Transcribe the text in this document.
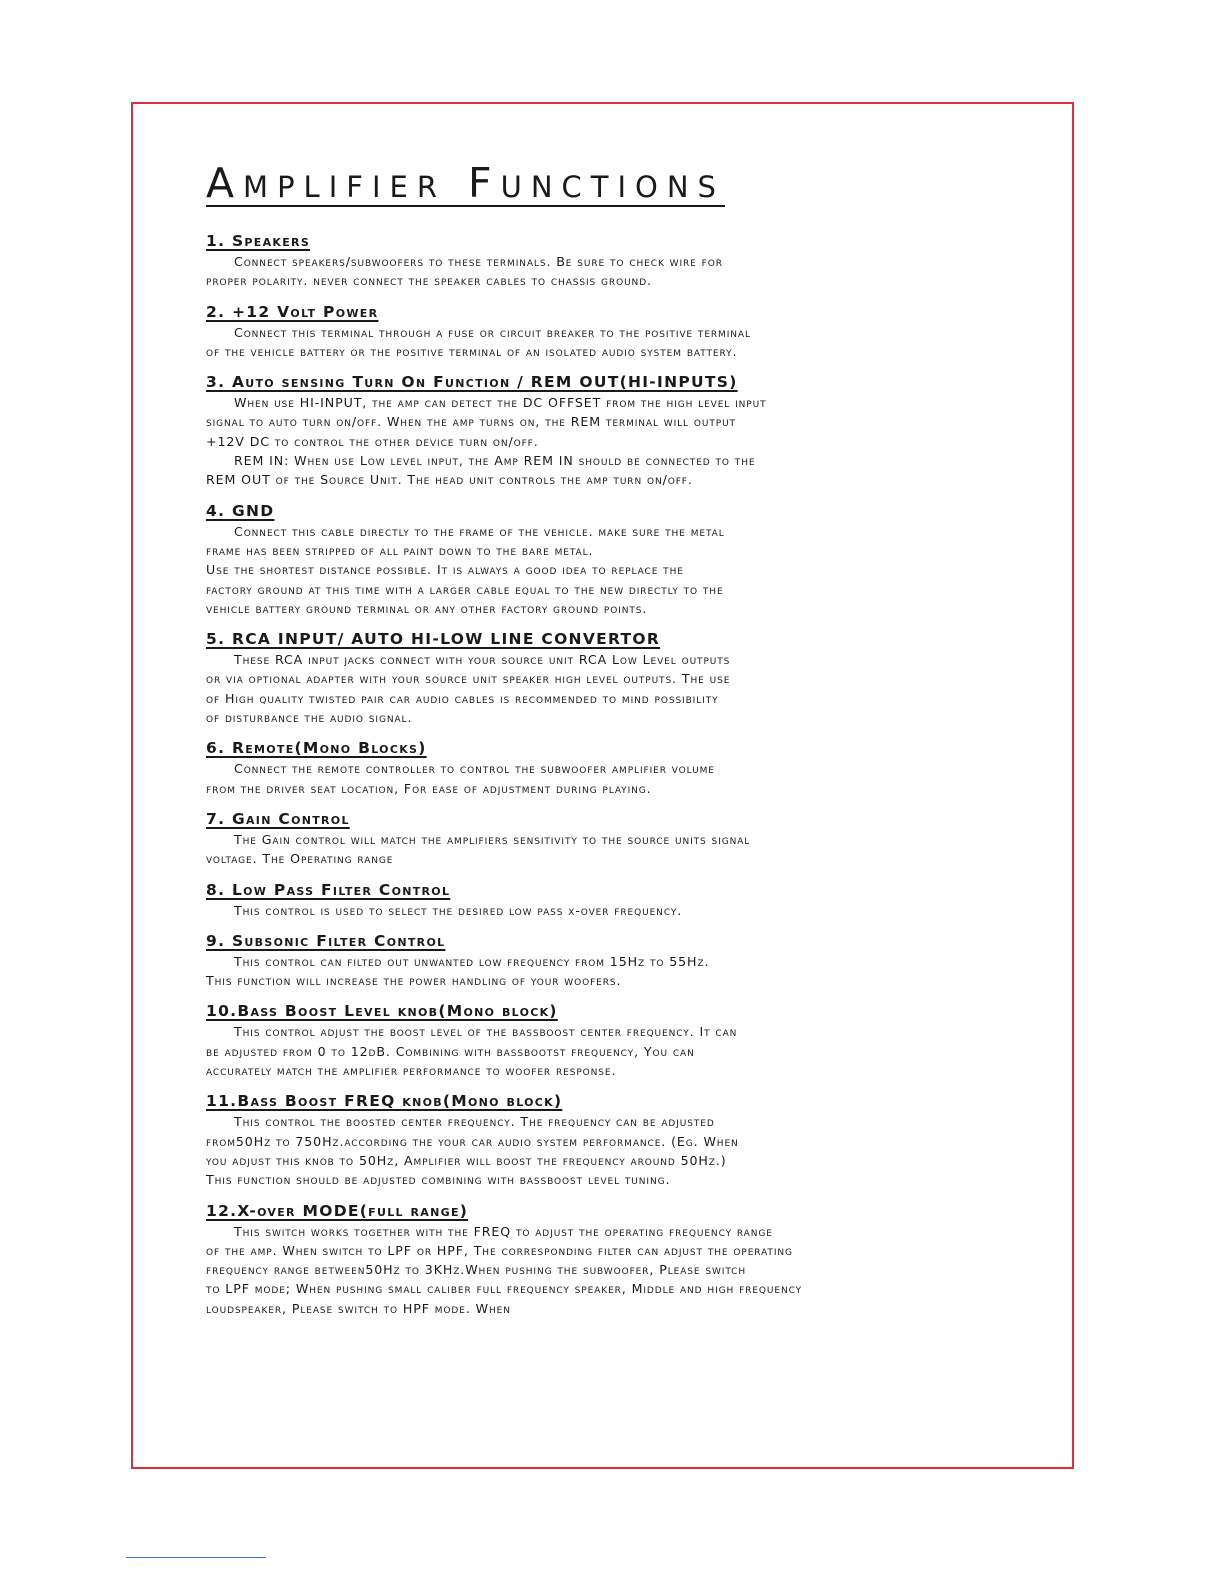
Amplifier Functions
1. Speakers
Connect speakers/subwoofers to these terminals. Be sure to check wire for
proper polarity. never connect the speaker cables to chassis ground.
2. +12 Volt Power
Connect this terminal through a fuse or circuit breaker to the positive terminal
of the vehicle battery or the positive terminal of an isolated audio system battery.
3. Auto sensing Turn On Function / REM OUT(HI-INPUTS)
When use HI-INPUT, the amp can detect the DC OFFSET from the high level input
signal to auto turn on/off. When the amp turns on, the REM terminal will output
+12V DC to control the other device turn on/off.
REM IN: When use Low level input, the Amp REM IN should be connected to the
REM OUT of the Source Unit. The head unit controls the amp turn on/off.
4. GND
Connect this cable directly to the frame of the vehicle. make sure the metal
frame has been stripped of all paint down to the bare metal.
Use the shortest distance possible. It is always a good idea to replace the
factory ground at this time with a larger cable equal to the new directly to the
vehicle battery ground terminal or any other factory ground points.
5. RCA INPUT/ AUTO HI-LOW LINE CONVERTOR
These RCA input jacks connect with your source unit RCA Low Level outputs
or via optional adapter with your source unit speaker high level outputs. The use
of High quality twisted pair car audio cables is recommended to mind possibility
of disturbance the audio signal.
6. Remote(Mono Blocks)
Connect the remote controller to control the subwoofer amplifier volume
from the driver seat location, For ease of adjustment during playing.
7. Gain Control
The Gain control will match the amplifiers sensitivity to the source units signal
voltage. The Operating range
8. Low Pass Filter Control
This control is used to select the desired low pass x-over frequency.
9. Subsonic Filter Control
This control can filted out unwanted low frequency from 15Hz to 55Hz.
This function will increase the power handling of your woofers.
10.Bass Boost Level knob(Mono block)
This control adjust the boost level of the bassboost center frequency. It can
be adjusted from 0 to 12dB. Combining with bassbootst frequency, You can
accurately match the amplifier performance to woofer response.
11.Bass Boost FREQ knob(Mono block)
This control the boosted center frequency. The frequency can be adjusted
from50Hz to 750Hz.according the your car audio system performance. (Eg. When
you adjust this knob to 50Hz, Amplifier will boost the frequency around 50Hz.)
This function should be adjusted combining with bassboost level tuning.
12.X-over MODE(full range)
This switch works together with the FREQ to adjust the operating frequency range
of the amp. When switch to LPF or HPF, The corresponding filter can adjust the operating
frequency range between50Hz to 3KHz.When pushing the subwoofer, Please switch
to LPF mode; When pushing small caliber full frequency speaker, Middle and high frequency
loudspeaker, Please switch to HPF mode. When
